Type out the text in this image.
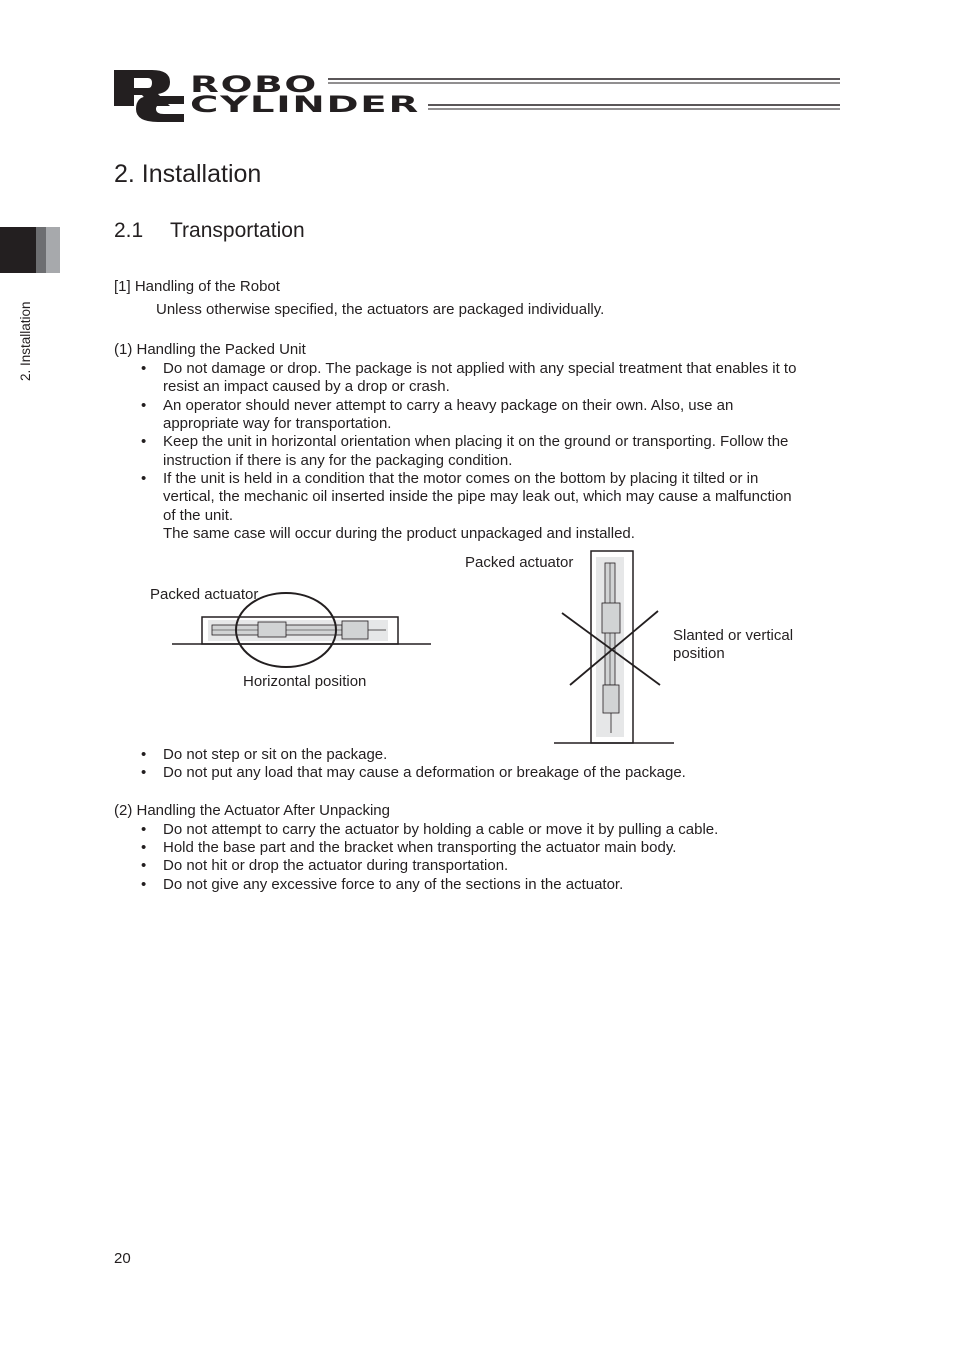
ROBO
CYLINDER
2. Installation
2. Installation
2.1 Transportation
[1] Handling of the Robot
Unless otherwise specified, the actuators are packaged individually.
(1) Handling the Packed Unit
•	Do not damage or drop. The package is not applied with any special treatment that enables it to
resist an impact caused by a drop or crash.
•	An operator should never attempt to carry a heavy package on their own. Also, use an
appropriate way for transportation.
•	Keep the unit in horizontal orientation when placing it on the ground or transporting. Follow the
instruction if there is any for the packaging condition.
•	If the unit is held in a condition that the motor comes on the bottom by placing it tilted or in
vertical, the mechanic oil inserted inside the pipe may leak out, which may cause a malfunction
of the unit.
The same case will occur during the product unpackaged and installed.
Packed actuator
Horizontal position
Packed actuator
Slanted or vertical
position
•	Do not step or sit on the package.
•	Do not put any load that may cause a deformation or breakage of the package.
(2) Handling the Actuator After Unpacking
•	Do not attempt to carry the actuator by holding a cable or move it by pulling a cable.
•	Hold the base part and the bracket when transporting the actuator main body.
•	Do not hit or drop the actuator during transportation.
•	Do not give any excessive force to any of the sections in the actuator.
20
